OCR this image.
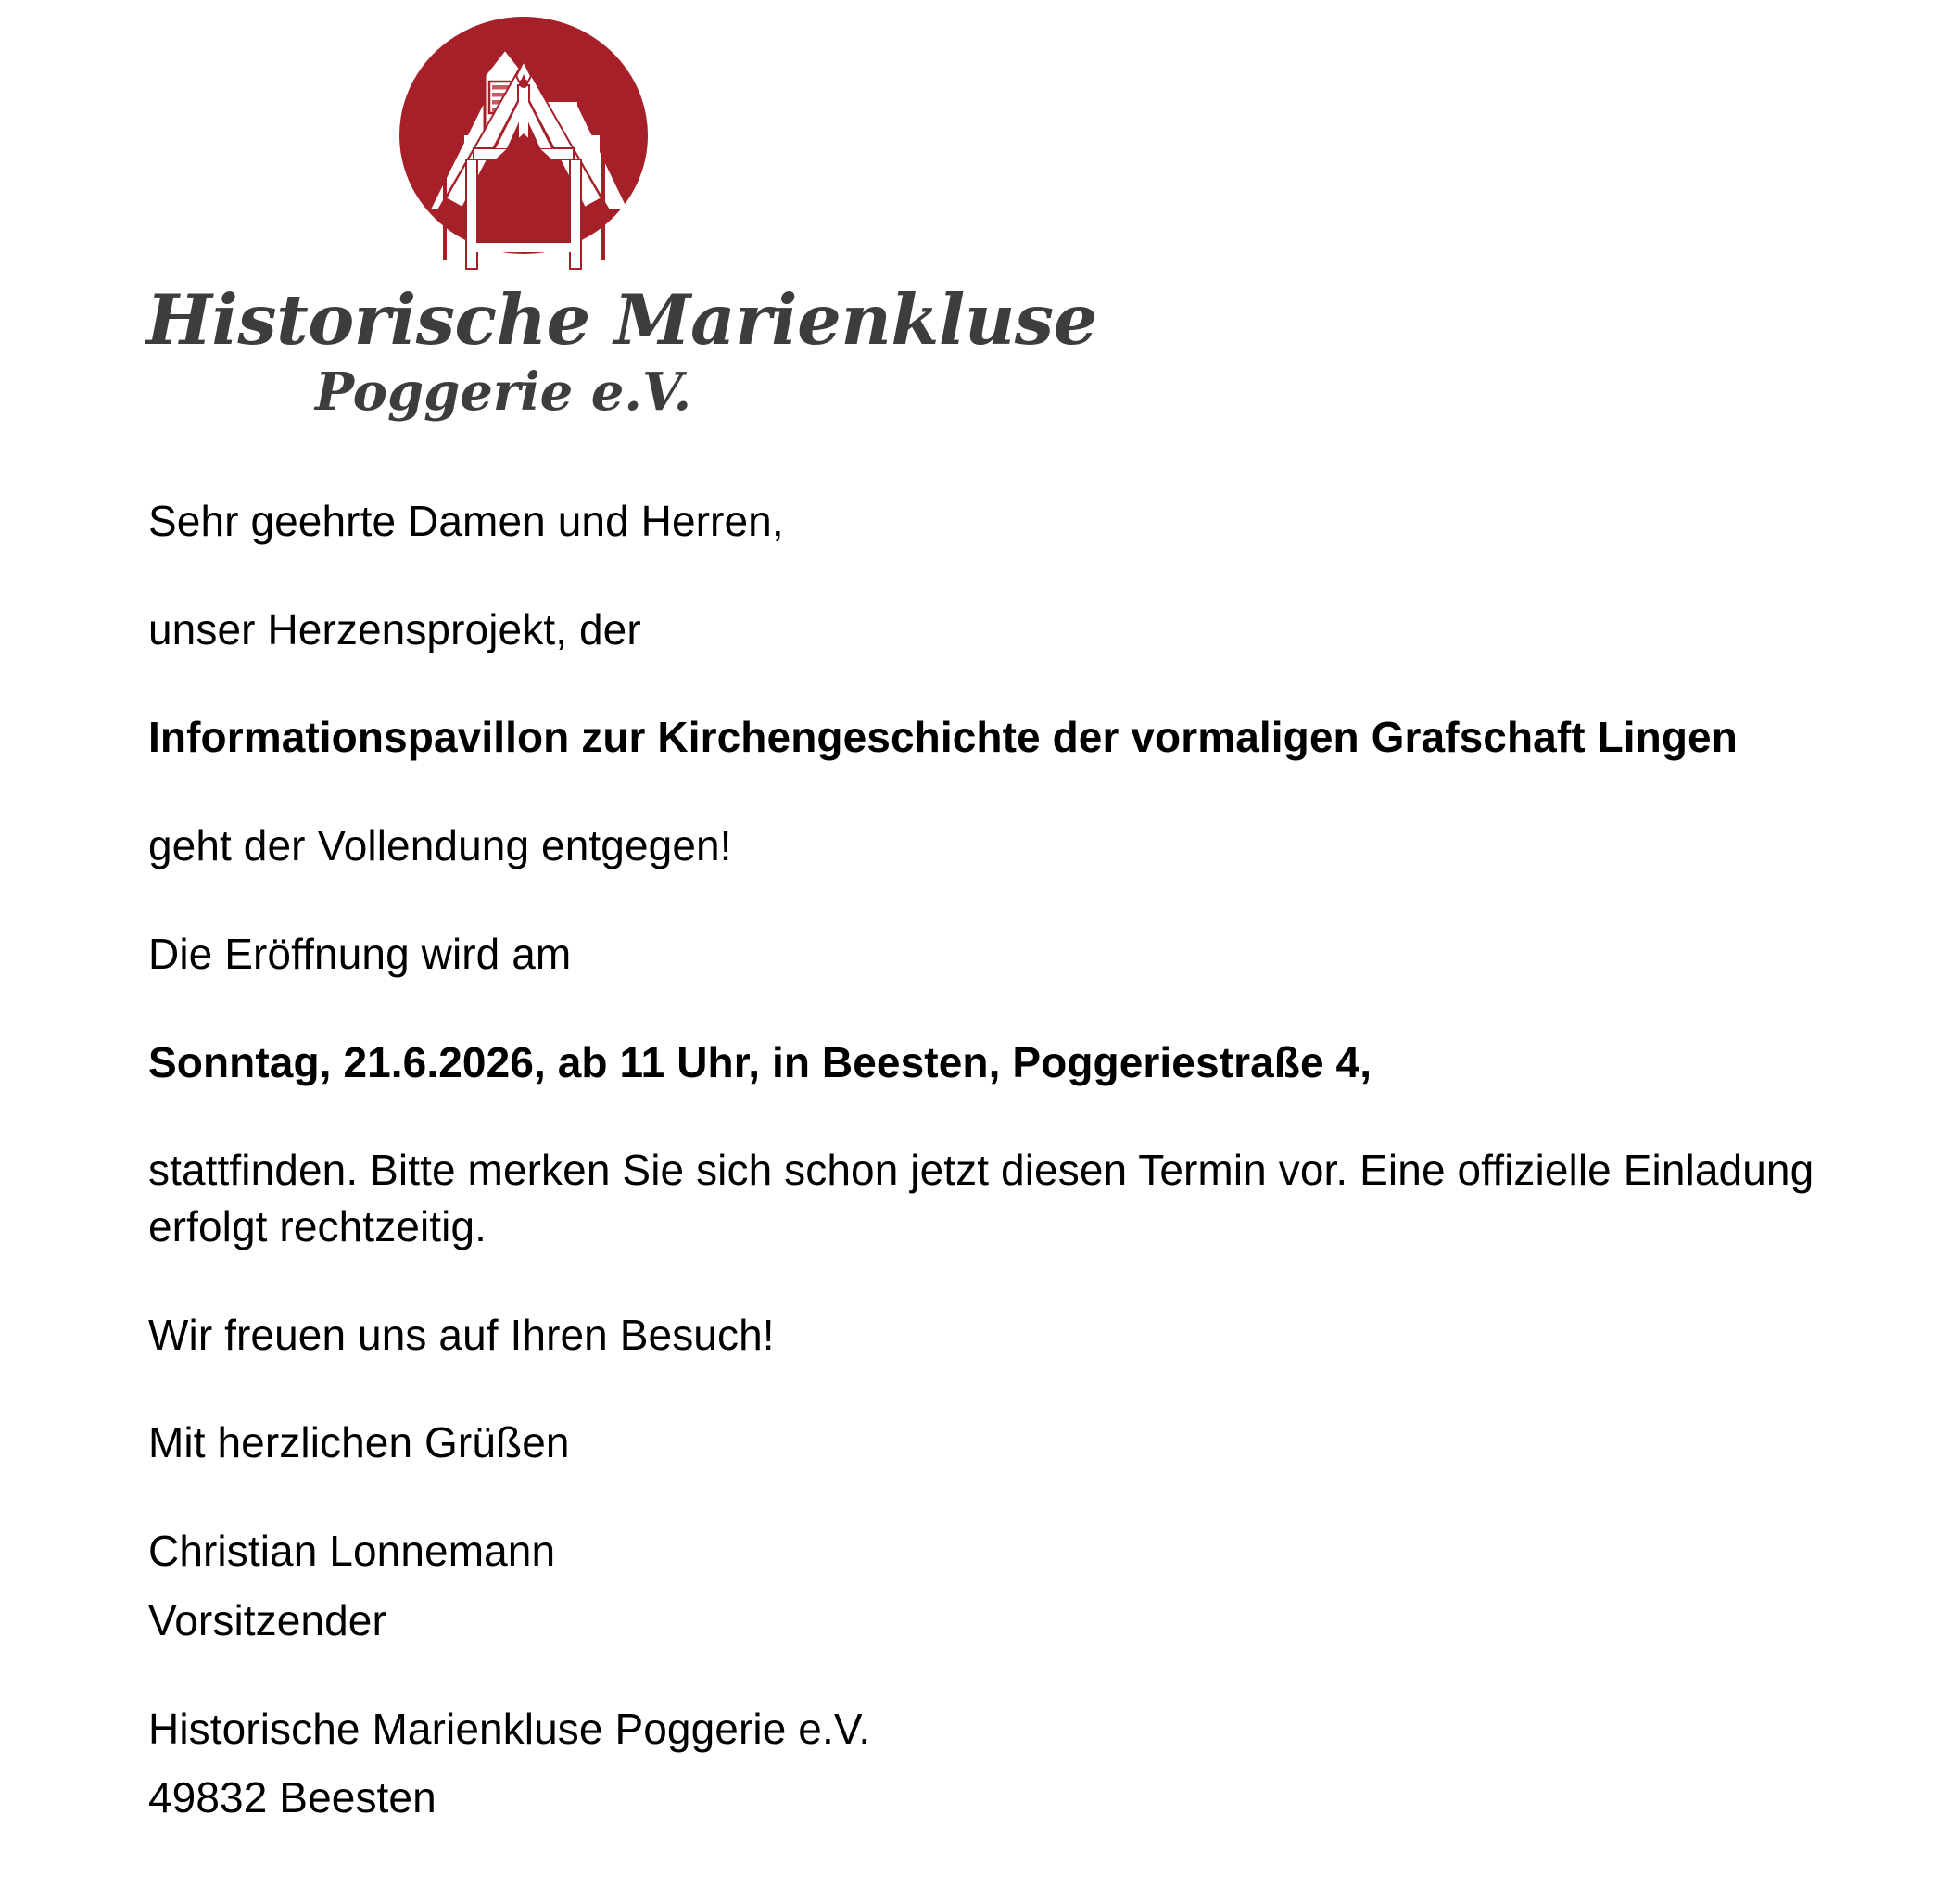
Historische Marienkluse
Poggerie e.V.

Sehr geehrte Damen und Herren,

unser Herzensprojekt, der

Informationspavillon zur Kirchengeschichte der vormaligen Grafschaft Lingen

geht der Vollendung entgegen!

Die Eröffnung wird am

Sonntag, 21.6.2026, ab 11 Uhr, in Beesten, Poggeriestraße 4,

stattfinden. Bitte merken Sie sich schon jetzt diesen Termin vor. Eine offizielle Einladung erfolgt rechtzeitig.

Wir freuen uns auf Ihren Besuch!

Mit herzlichen Grüßen

Christian Lonnemann

Vorsitzender

Historische Marienkluse Poggerie e.V.

49832 Beesten
